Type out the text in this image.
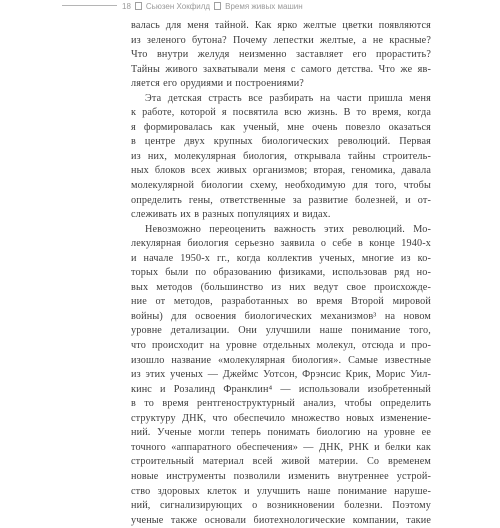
18 Сьюзен Хокфилд Время живых машин
валась для меня тайной. Как ярко желтые цветки появляются
из зеленого бутона? Почему лепестки желтые, а не красные?
Что внутри желудя неизменно заставляет его прорастить?
Тайны живого захватывали меня с самого детства. Что же яв-
ляется его орудиями и построениями?
Эта детская страсть все разбирать на части пришла меня
к работе, которой я посвятила всю жизнь. В то время, когда
я формировалась как ученый, мне очень повезло оказаться
в центре двух крупных биологических революций. Первая
из них, молекулярная биология, открывала тайны строитель-
ных блоков всех живых организмов; вторая, геномика, давала
молекулярной биологии схему, необходимую для того, чтобы
определить гены, ответственные за развитие болезней, и от-
слеживать их в разных популяциях и видах.
Невозможно переоценить важность этих революций. Мо-
лекулярная биология серьезно заявила о себе в конце 1940-х
и начале 1950-х гг., когда коллектив ученых, многие из ко-
торых были по образованию физиками, использовав ряд но-
вых методов (большинство из них ведут свое происхожде-
ние от методов, разработанных во время Второй мировой
войны) для освоения биологических механизмов³ на новом
уровне детализации. Они улучшили наше понимание того,
что происходит на уровне отдельных молекул, отсюда и про-
изошло название «молекулярная биология». Самые известные
из этих ученых — Джеймс Уотсон, Фрэнсис Крик, Морис Уил-
кинс и Розалинд Франклин⁴ — использовали изобретенный
в то время рентгеноструктурный анализ, чтобы определить
структуру ДНК, что обеспечило множество новых изменение-
ний. Ученые могли теперь понимать биологию на уровне ее
точного «аппаратного обеспечения» — ДНК, РНК и белки как
строительный материал всей живой материи. Со временем
новые инструменты позволили изменить внутреннее устрой-
ство здоровых клеток и улучшить наше понимание наруше-
ний, сигнализирующих о возникновении болезни. Поэтому
ученые также основали биотехнологические компании, такие
